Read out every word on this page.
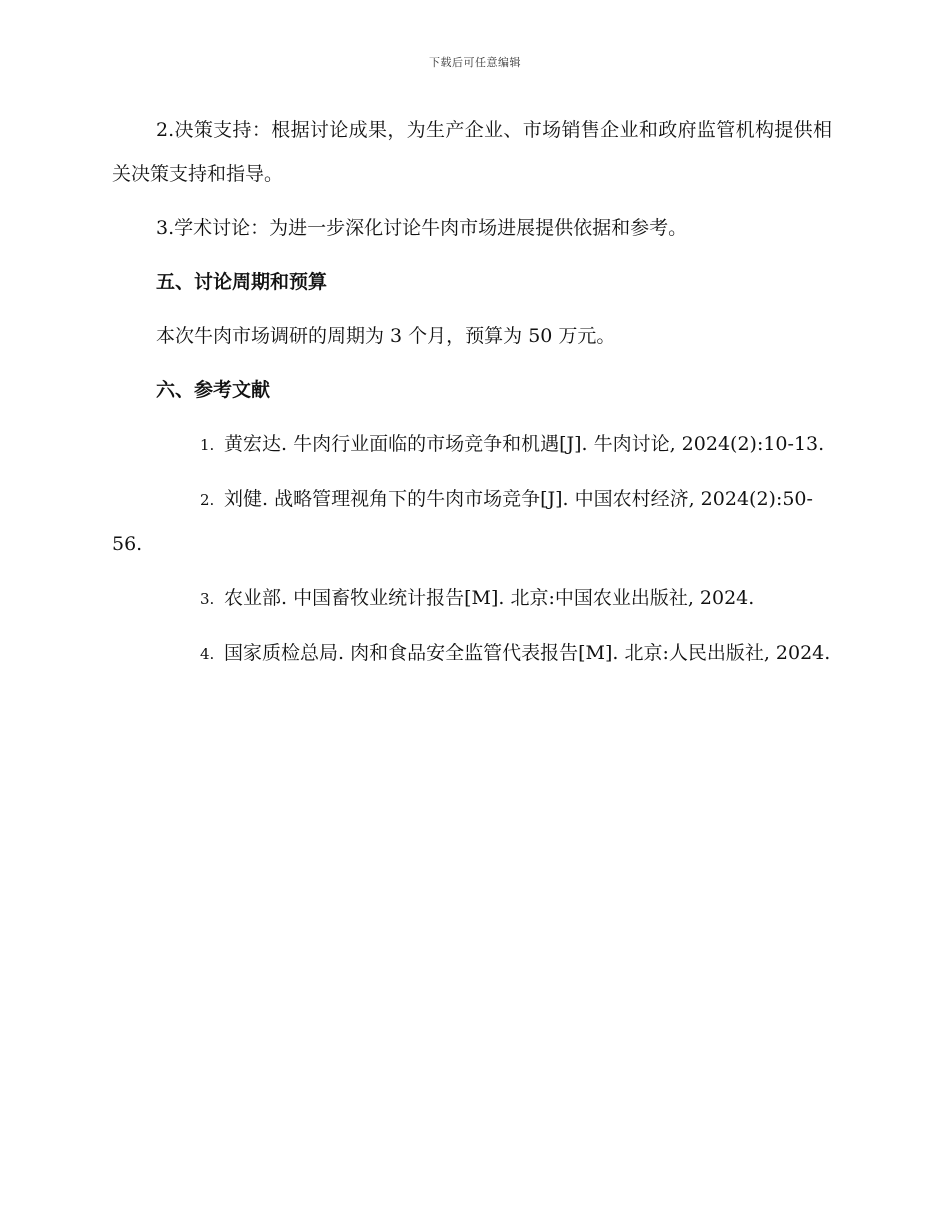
下载后可任意编辑

2.决策支持：根据讨论成果，为生产企业、市场销售企业和政府监管机构提供相关决策支持和指导。

3.学术讨论：为进一步深化讨论牛肉市场进展提供依据和参考。

五、讨论周期和预算

本次牛肉市场调研的周期为 3 个月，预算为 50 万元。

六、参考文献

1. 黄宏达. 牛肉行业面临的市场竞争和机遇[J]. 牛肉讨论, 2024(2):10-13.

2. 刘健. 战略管理视角下的牛肉市场竞争[J]. 中国农村经济, 2024(2):50-56.

3. 农业部. 中国畜牧业统计报告[M]. 北京:中国农业出版社, 2024.

4. 国家质检总局. 肉和食品安全监管代表报告[M]. 北京:人民出版社, 2024.
